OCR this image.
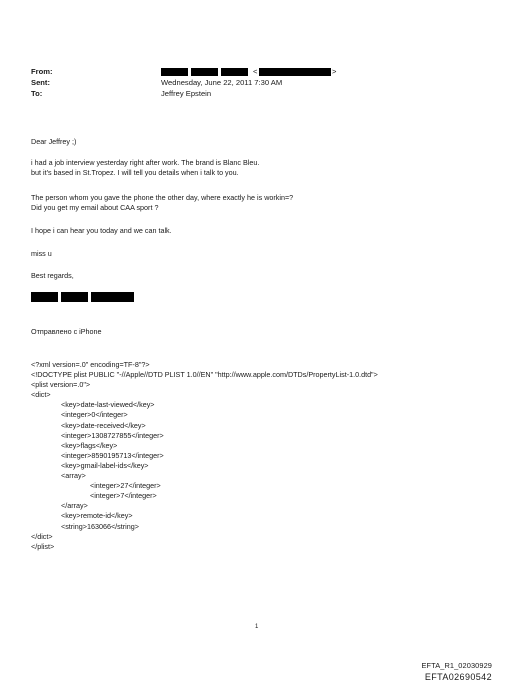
From:	<	>
Sent:	Wednesday, June 22, 2011 7:30 AM
To:	Jeffrey Epstein

Dear Jeffrey ;)

i had a job interview yesterday right after work. The brand is Blanc Bleu.

but it's based in St.Tropez. I will tell you details when i talk to you.

The person whom you gave the phone the other day, where exactly he is workin=?

Did you get my email about CAA sport ?

I hope i can hear you today and we can talk.

miss u

Best regards,

Отправлено с iPhone

<?xml version=.0" encoding=TF-8"?>
<!DOCTYPE plist PUBLIC "-//Apple//DTD PLIST 1.0//EN" "http://www.apple.com/DTDs/PropertyList-1.0.dtd">
<plist version=.0">
<dict>
<key>date-last-viewed</key>
<integer>0</integer>
<key>date-received</key>
<integer>1308727855</integer>
<key>flags</key>
<integer>8590195713</integer>
<key>gmail-label-ids</key>
<array>
<integer>27</integer>
<integer>7</integer>
</array>
<key>remote-id</key>
<string>163066</string>
</dict>
</plist>
1
EFTA_R1_02030929
EFTA02690542
